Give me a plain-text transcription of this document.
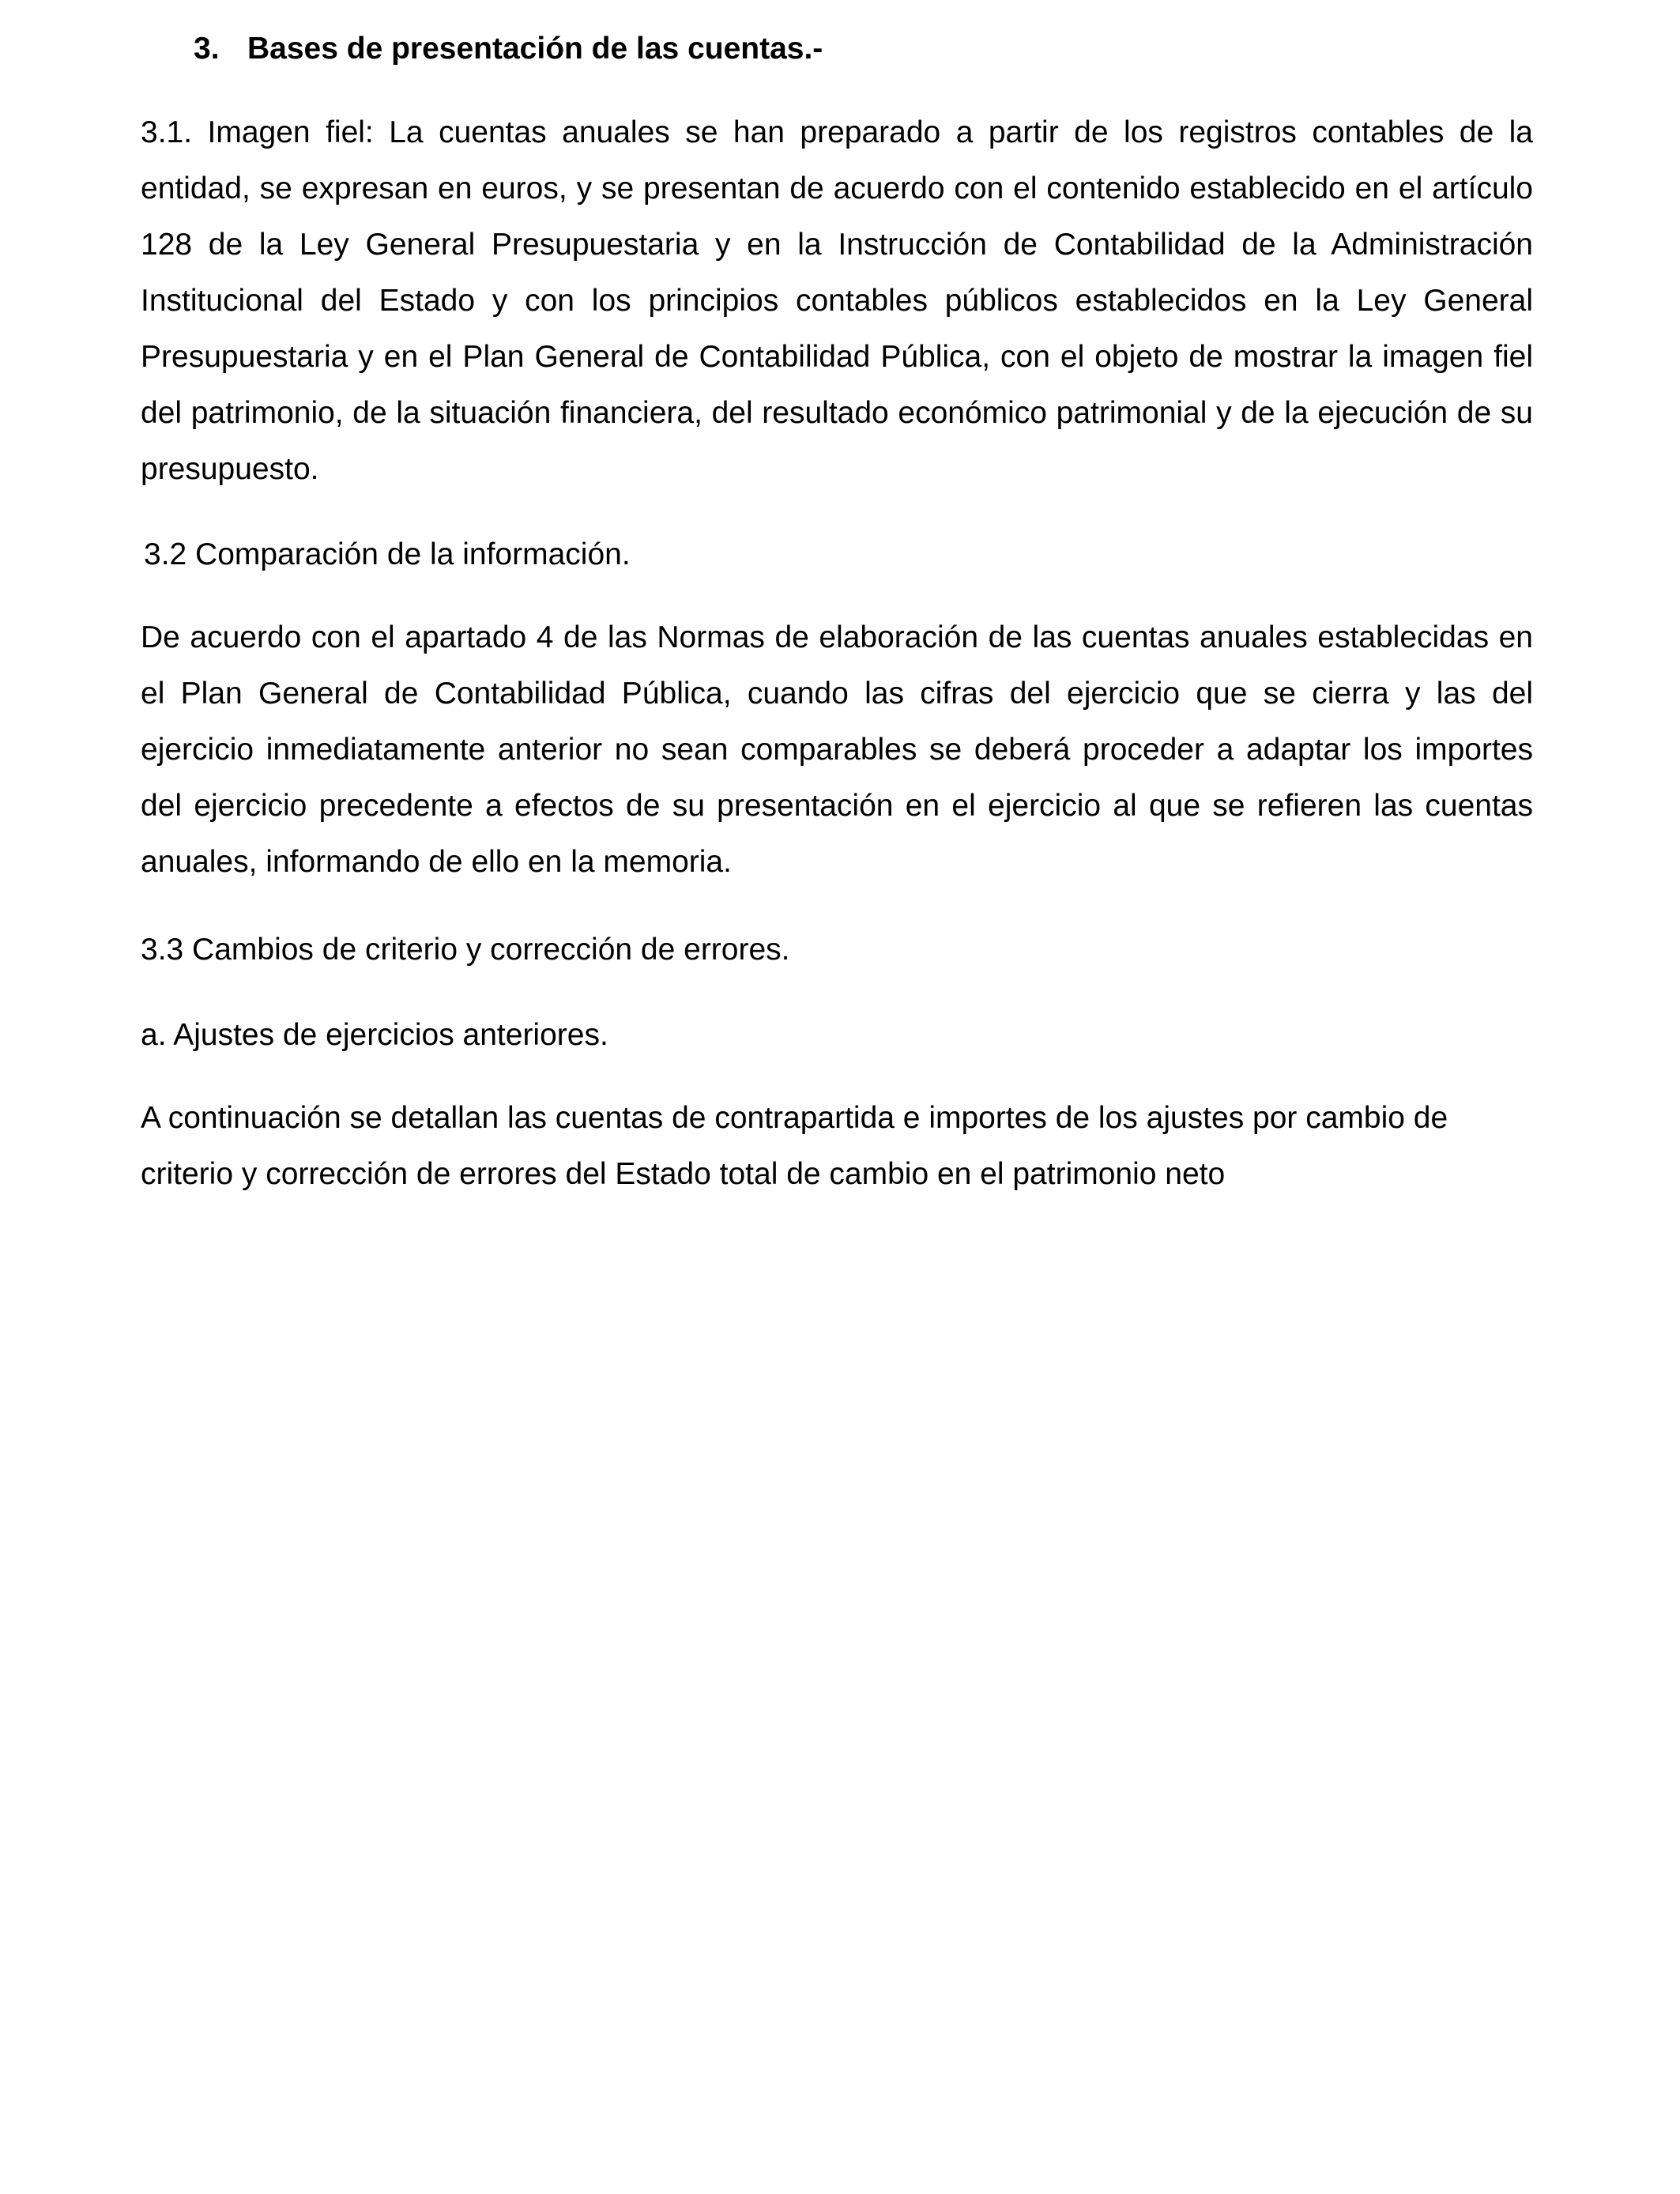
3. Bases de presentación de las cuentas.-

3.1. Imagen fiel: La cuentas anuales se han preparado a partir de los registros contables de la entidad, se expresan en euros, y se presentan de acuerdo con el contenido establecido en el artículo 128 de la Ley General Presupuestaria y en la Instrucción de Contabilidad de la Administración Institucional del Estado y con los principios contables públicos establecidos en la Ley General Presupuestaria y en el Plan General de Contabilidad Pública, con el objeto de mostrar la imagen fiel del patrimonio, de la situación financiera, del resultado económico patrimonial y de la ejecución de su presupuesto.

3.2 Comparación de la información.

De acuerdo con el apartado 4 de las Normas de elaboración de las cuentas anuales establecidas en el Plan General de Contabilidad Pública, cuando las cifras del ejercicio que se cierra y las del ejercicio inmediatamente anterior no sean comparables se deberá proceder a adaptar los importes del ejercicio precedente a efectos de su presentación en el ejercicio al que se refieren las cuentas anuales, informando de ello en la memoria.

3.3 Cambios de criterio y corrección de errores.

a. Ajustes de ejercicios anteriores.

A continuación se detallan las cuentas de contrapartida e importes de los ajustes por cambio de criterio y corrección de errores del Estado total de cambio en el patrimonio neto
